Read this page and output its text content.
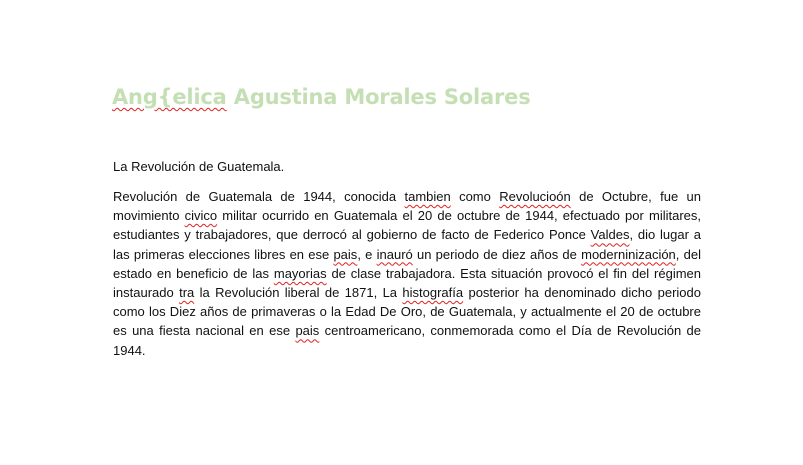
Ang{elica Agustina Morales Solares

La Revolución de Guatemala.

Revolución de Guatemala de 1944, conocida tambien como Revolucioón de Octubre, fue un movimiento civico militar ocurrido en Guatemala el 20 de octubre de 1944, efectuado por militares, estudiantes y trabajadores, que derrocó al gobierno de facto de Federico Ponce Valdes, dio lugar a las primeras elecciones libres en ese pais, e inauró un periodo de diez años de moderninización, del estado en beneficio de las mayorias de clase trabajadora. Esta situación provocó el fin del régimen instaurado tra la Revolución liberal de 1871, La histografía posterior ha denominado dicho periodo como los Diez años de primaveras o la Edad De Oro, de Guatemala, y actualmente el 20 de octubre es una fiesta nacional en ese pais centroamericano, conmemorada como el Día de Revolución de 1944.
